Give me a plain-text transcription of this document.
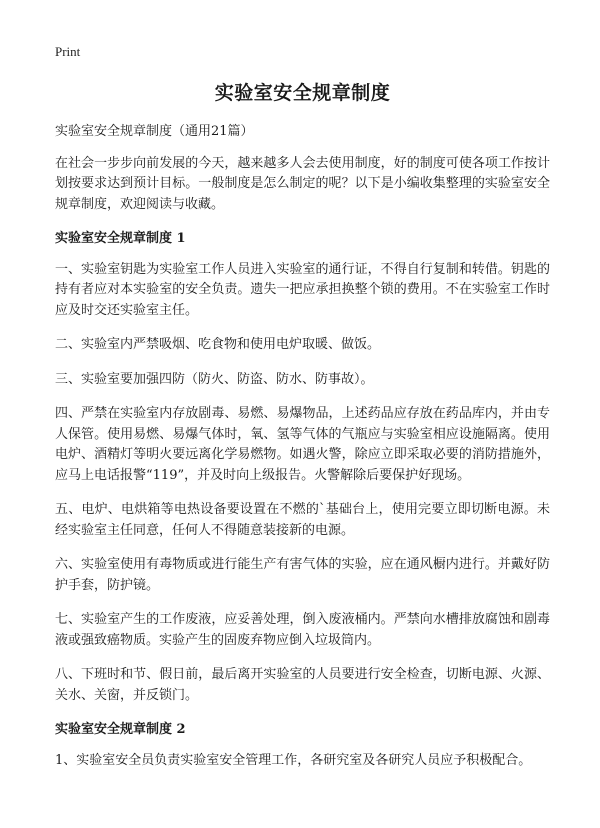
Print
实验室安全规章制度

实验室安全规章制度（通用21篇）

在社会一步步向前发展的今天，越来越多人会去使用制度，好的制度可使各项工作按计划按要求达到预计目标。一般制度是怎么制定的呢？以下是小编收集整理的实验室安全规章制度，欢迎阅读与收藏。

实验室安全规章制度 1

一、实验室钥匙为实验室工作人员进入实验室的通行证，不得自行复制和转借。钥匙的持有者应对本实验室的安全负责。遗失一把应承担换整个锁的费用。不在实验室工作时应及时交还实验室主任。

二、实验室内严禁吸烟、吃食物和使用电炉取暖、做饭。

三、实验室要加强四防（防火、防盗、防水、防事故）。

四、严禁在实验室内存放剧毒、易燃、易爆物品，上述药品应存放在药品库内，并由专人保管。使用易燃、易爆气体时，氧、氢等气体的气瓶应与实验室相应设施隔离。使用电炉、酒精灯等明火要远离化学易燃物。如遇火警，除应立即采取必要的消防措施外，应马上电话报警“119”，并及时向上级报告。火警解除后要保护好现场。

五、电炉、电烘箱等电热设备要设置在不燃的`基础台上，使用完要立即切断电源。未经实验室主任同意，任何人不得随意装接新的电源。

六、实验室使用有毒物质或进行能生产有害气体的实验，应在通风橱内进行。并戴好防护手套，防护镜。

七、实验室产生的工作废液，应妥善处理，倒入废液桶内。严禁向水槽排放腐蚀和剧毒液或强致癌物质。实验产生的固废弃物应倒入垃圾筒内。

八、下班时和节、假日前，最后离开实验室的人员要进行安全检查，切断电源、火源、关水、关窗，并反锁门。

实验室安全规章制度 2

1、实验室安全员负责实验室安全管理工作，各研究室及各研究人员应予积极配合。
